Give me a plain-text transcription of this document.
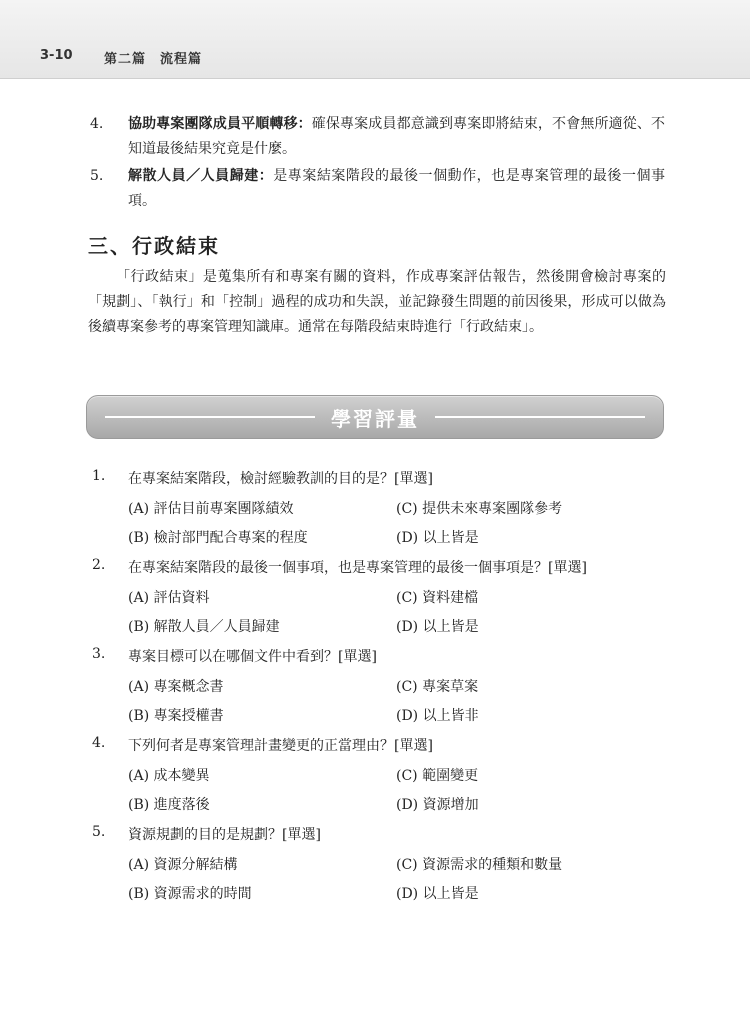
3-10 第二篇　流程篇
4.	協助專案團隊成員平順轉移：確保專案成員都意識到專案即將結束，不會無所適從、不知道最後結果究竟是什麼。
5.	解散人員／人員歸建：是專案結案階段的最後一個動作，也是專案管理的最後一個事項。
三、行政結束
「行政結束」是蒐集所有和專案有關的資料，作成專案評估報告，然後開會檢討專案的「規劃」、「執行」和「控制」過程的成功和失誤，並記錄發生問題的前因後果，形成可以做為後續專案參考的專案管理知識庫。通常在每階段結束時進行「行政結束」。
學習評量
1. 在專案結案階段，檢討經驗教訓的目的是？[單選]
(A) 評估目前專案團隊績效	(C) 提供未來專案團隊參考
(B) 檢討部門配合專案的程度	(D) 以上皆是
2. 在專案結案階段的最後一個事項，也是專案管理的最後一個事項是？[單選]
(A) 評估資料	(C) 資料建檔
(B) 解散人員／人員歸建	(D) 以上皆是
3. 專案目標可以在哪個文件中看到？[單選]
(A) 專案概念書	(C) 專案草案
(B) 專案授權書	(D) 以上皆非
4. 下列何者是專案管理計畫變更的正當理由？[單選]
(A) 成本變異	(C) 範圍變更
(B) 進度落後	(D) 資源增加
5. 資源規劃的目的是規劃？[單選]
(A) 資源分解結構	(C) 資源需求的種類和數量
(B) 資源需求的時間	(D) 以上皆是
